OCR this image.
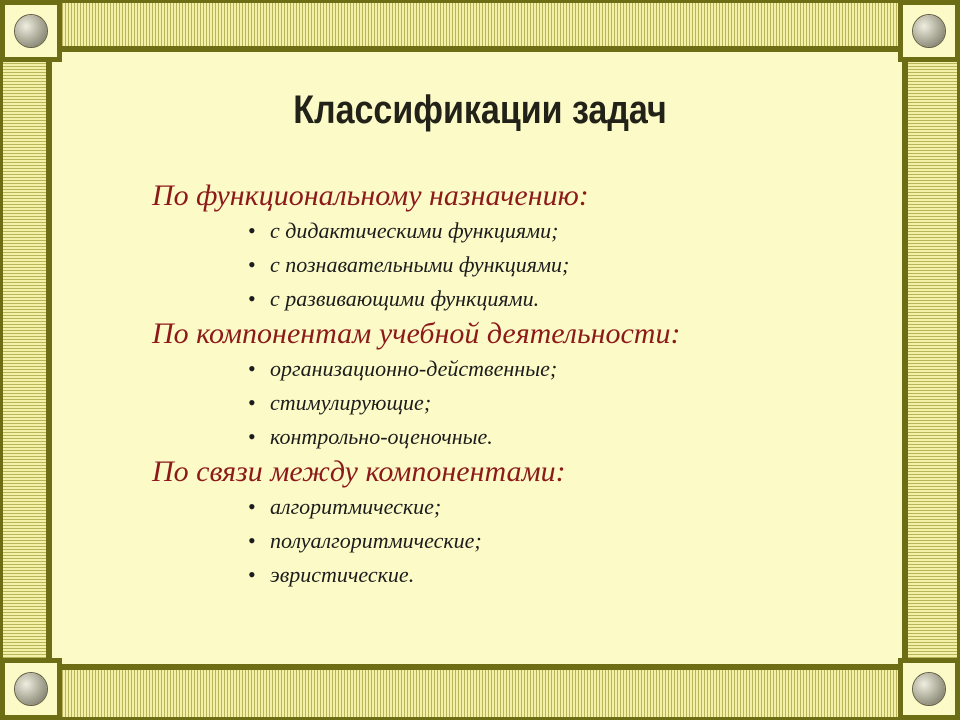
Классификации задач

По функциональному назначению:

• с дидактическими функциями;
• с познавательными функциями;
• с развивающими функциями.

По компонентам учебной деятельности:

• организационно-действенные;
• стимулирующие;
• контрольно-оценочные.

По связи между компонентами:

• алгоритмические;
• полуалгоритмические;
• эвристические.
